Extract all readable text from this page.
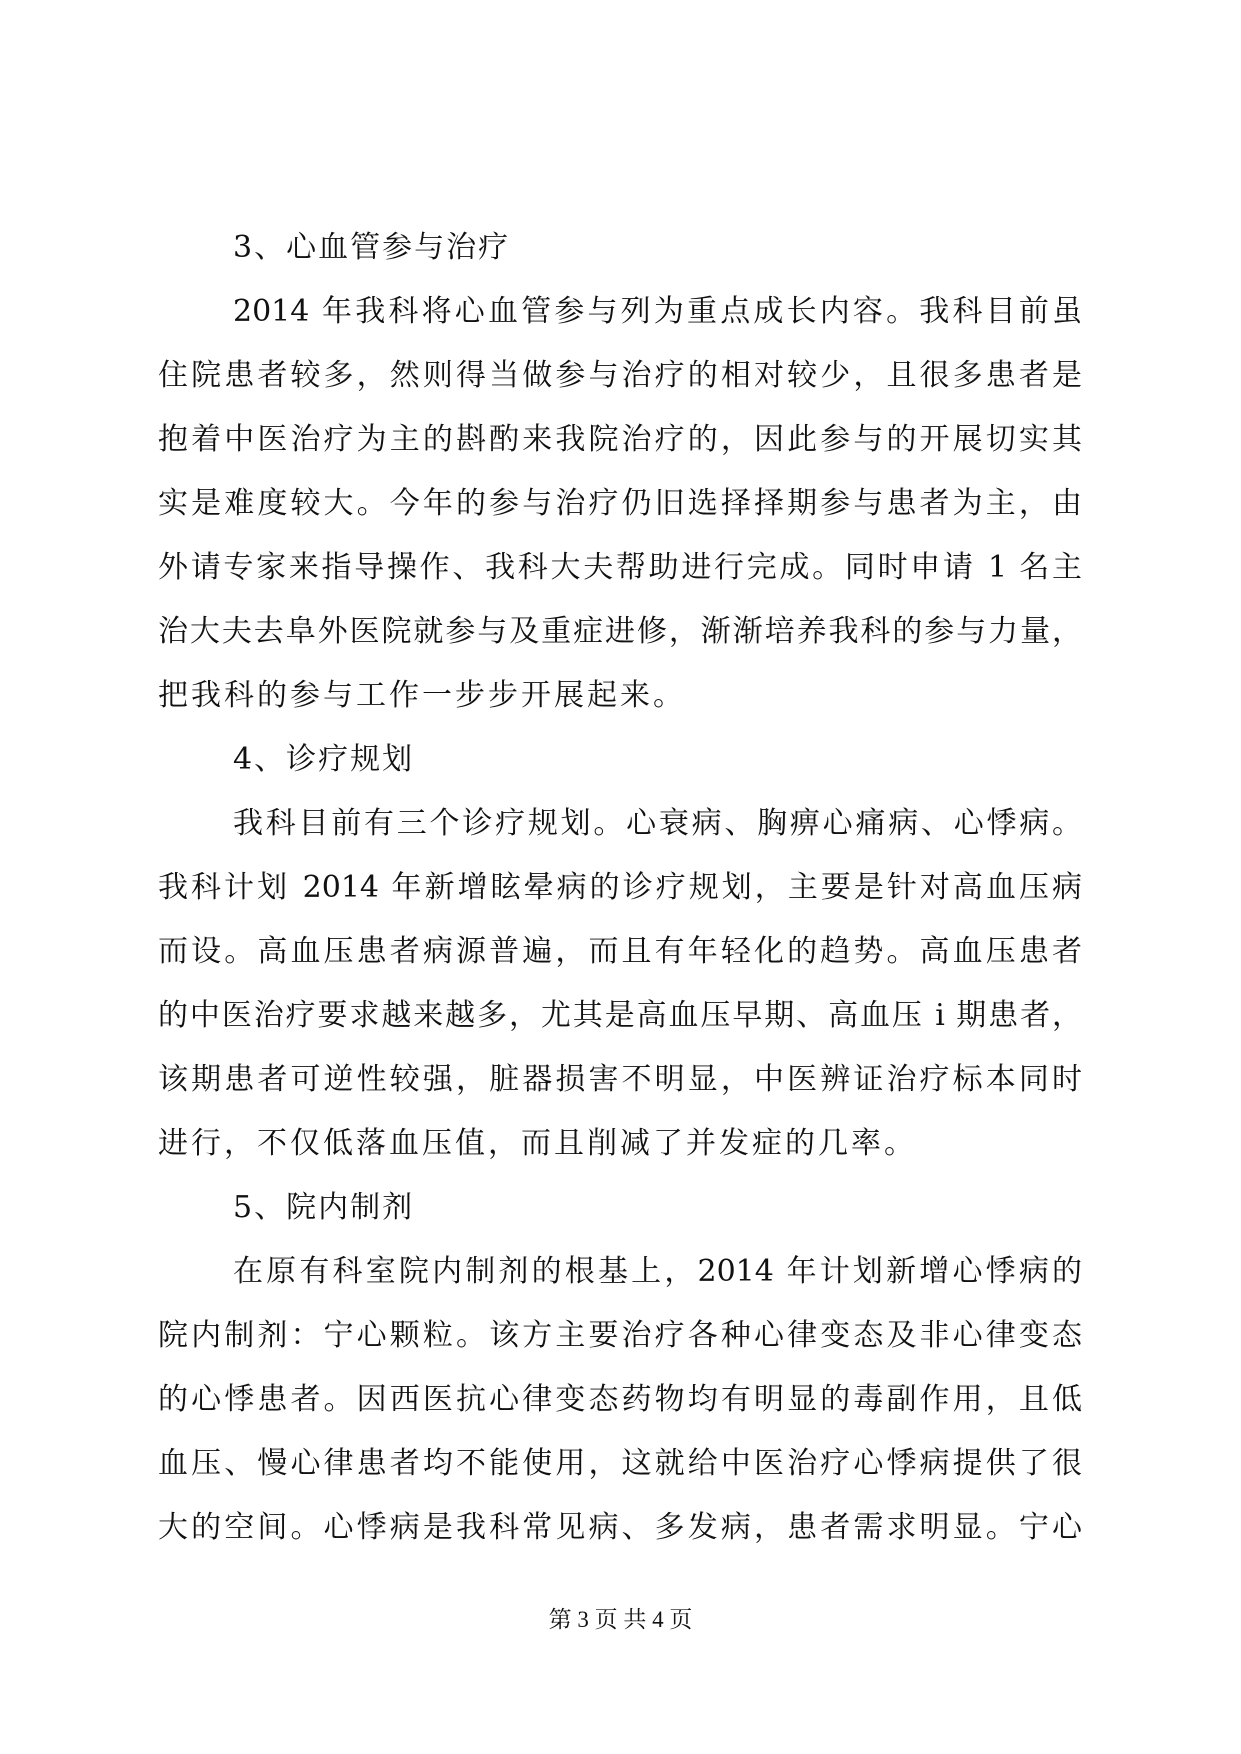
3、心血管参与治疗
2014 年我科将心血管参与列为重点成长内容。我科目前虽
住院患者较多，然则得当做参与治疗的相对较少，且很多患者是
抱着中医治疗为主的斟酌来我院治疗的，因此参与的开展切实其
实是难度较大。今年的参与治疗仍旧选择择期参与患者为主，由
外请专家来指导操作、我科大夫帮助进行完成。同时申请 1 名主
治大夫去阜外医院就参与及重症进修，渐渐培养我科的参与力量，
把我科的参与工作一步步开展起来。
4、诊疗规划
我科目前有三个诊疗规划。心衰病、胸痹心痛病、心悸病。
我科计划 2014 年新增眩晕病的诊疗规划，主要是针对高血压病
而设。高血压患者病源普遍，而且有年轻化的趋势。高血压患者
的中医治疗要求越来越多，尤其是高血压早期、高血压 i 期患者，
该期患者可逆性较强，脏器损害不明显，中医辨证治疗标本同时
进行，不仅低落血压值，而且削减了并发症的几率。
5、院内制剂
在原有科室院内制剂的根基上，2014 年计划新增心悸病的
院内制剂：宁心颗粒。该方主要治疗各种心律变态及非心律变态
的心悸患者。因西医抗心律变态药物均有明显的毒副作用，且低
血压、慢心律患者均不能使用，这就给中医治疗心悸病提供了很
大的空间。心悸病是我科常见病、多发病，患者需求明显。宁心
第 3 页 共 4 页
